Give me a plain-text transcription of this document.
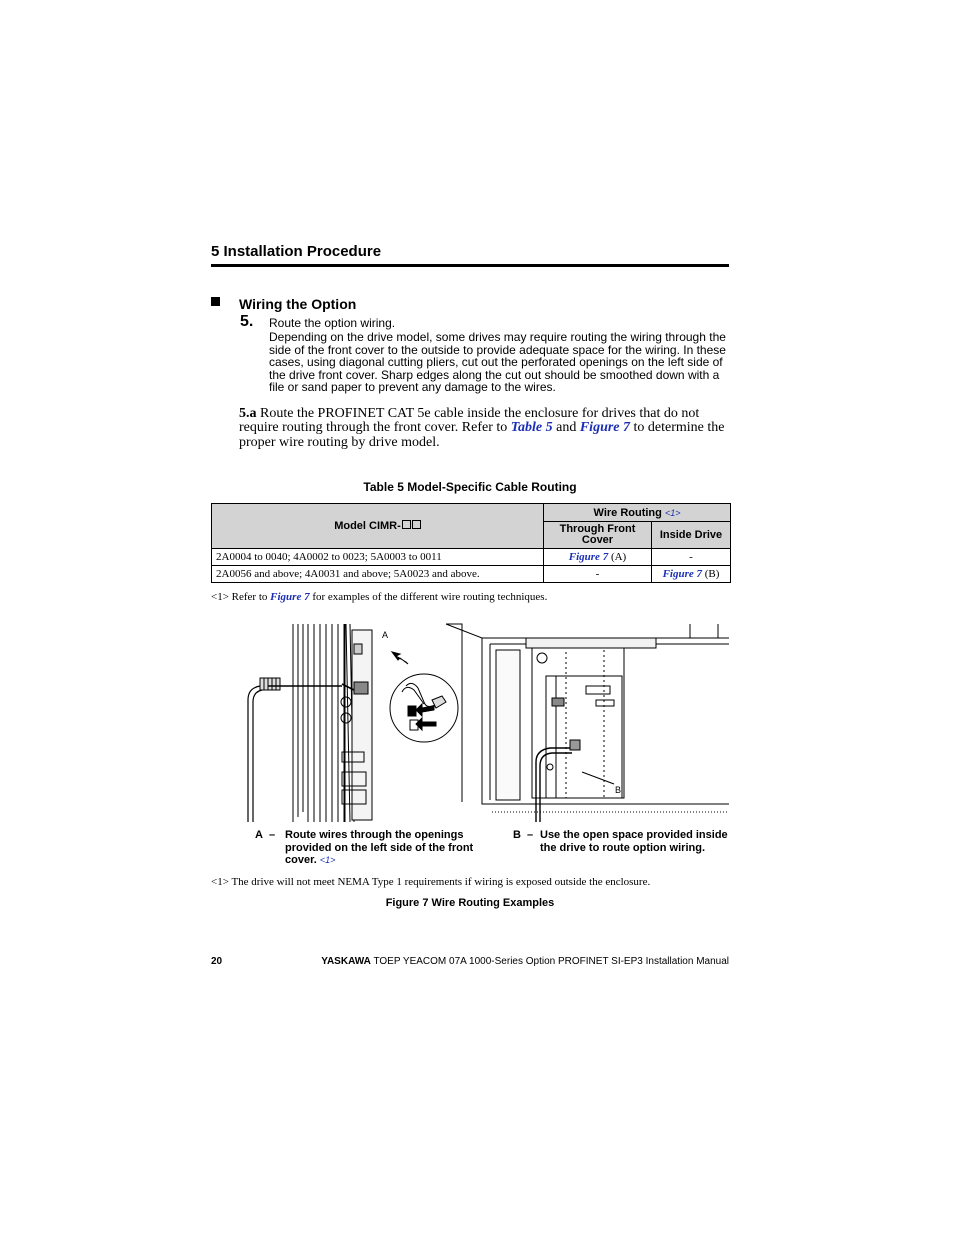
5 Installation Procedure
Wiring the Option
5. Route the option wiring.
Depending on the drive model, some drives may require routing the wiring through the side of the front cover to the outside to provide adequate space for the wiring. In these cases, using diagonal cutting pliers, cut out the perforated openings on the left side of the drive front cover. Sharp edges along the cut out should be smoothed down with a file or sand paper to prevent any damage to the wires.
5.a Route the PROFINET CAT 5e cable inside the enclosure for drives that do not require routing through the front cover. Refer to Table 5 and Figure 7 to determine the proper wire routing by drive model.
Table 5 Model-Specific Cable Routing
Model CIMR-	Wire Routing <1>	
	Through Front Cover	Inside Drive
2A0004 to 0040; 4A0002 to 0023; 5A0003 to 0011	Figure 7 (A)	-
2A0056 and above; 4A0031 and above; 5A0023 and above.	-	Figure 7 (B)
<1> Refer to Figure 7 for examples of the different wire routing techniques.
A
B
A – Route wires through the openings provided on the left side of the front cover. <1>
B – Use the open space provided inside the drive to route option wiring.
<1> The drive will not meet NEMA Type 1 requirements if wiring is exposed outside the enclosure.
Figure 7 Wire Routing Examples
20	YASKAWA TOEP YEACOM 07A 1000-Series Option PROFINET SI-EP3 Installation Manual
